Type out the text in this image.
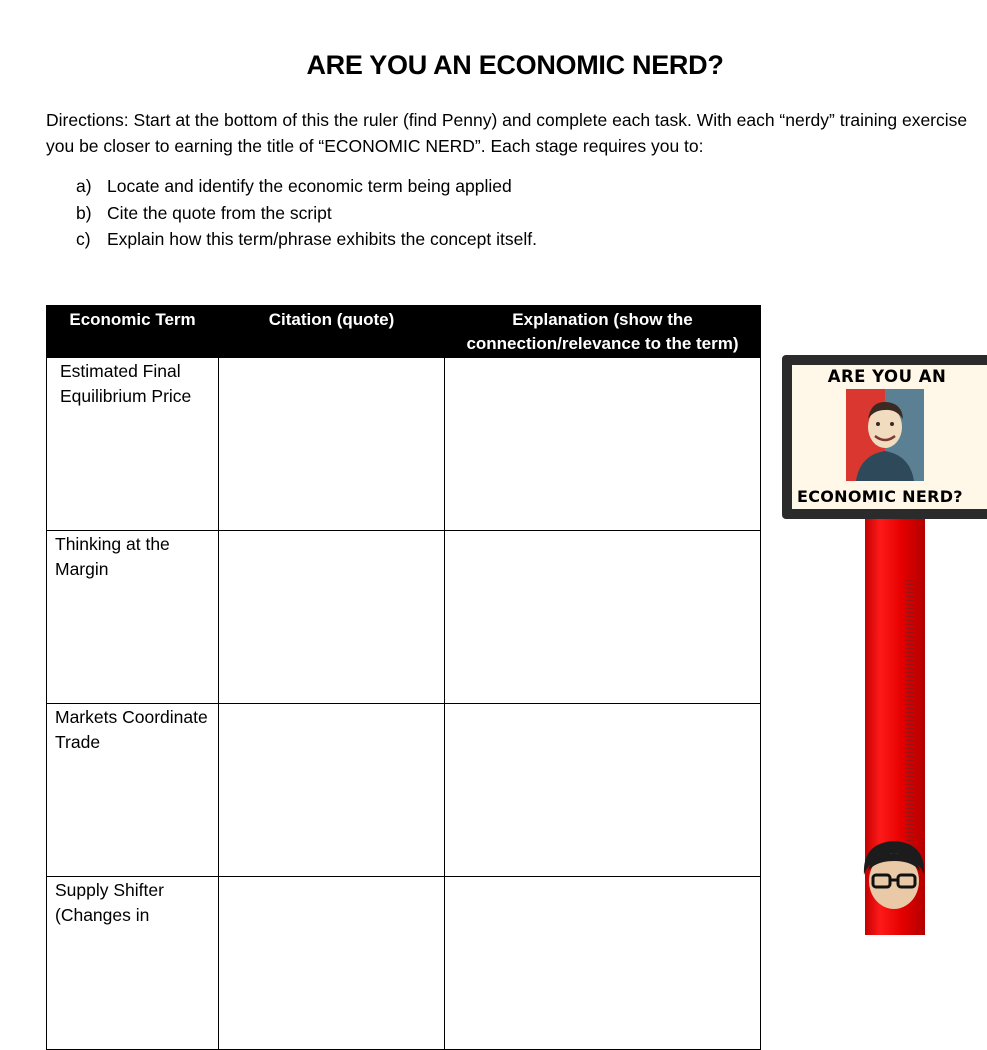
ARE YOU AN ECONOMIC NERD?
Directions: Start at the bottom of this the ruler (find Penny) and complete each task. With each “nerdy” training exercise you be closer to earning the title of “ECONOMIC NERD”. Each stage requires you to:
a) Locate and identify the economic term being applied
b) Cite the quote from the script
c) Explain how this term/phrase exhibits the concept itself.
Economic Term	Citation (quote)	Explanation (show the connection/relevance to the term)
Estimated Final Equilibrium Price		
Thinking at the Margin		
Markets Coordinate Trade		
Supply Shifter (Changes in		
ARE YOU AN
ECONOMIC NERD?
